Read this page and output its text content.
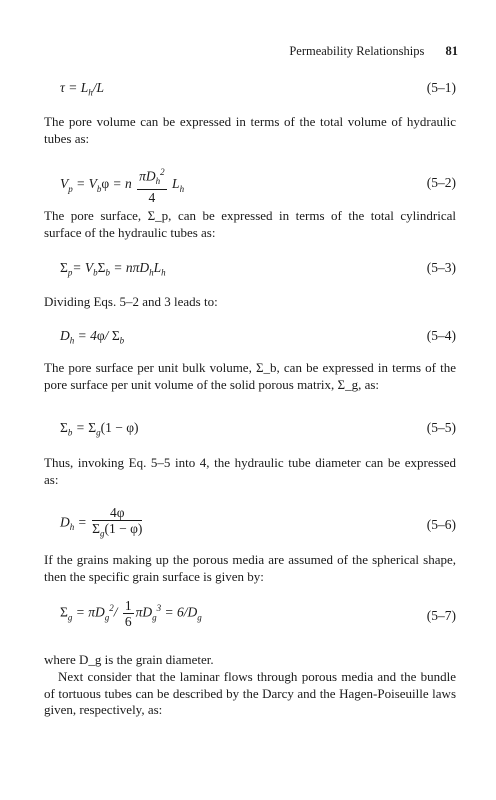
Permeability Relationships 81
$\tau = L_h/L$	(5–1)
The pore volume can be expressed in terms of the total volume of hydraulic tubes as:
$V_p = V_b\varphi = n \frac{\pi D_h^2}{4} L_h$	(5–2)
The pore surface, Σ_p, can be expressed in terms of the total cylindrical surface of the hydraulic tubes as:
$\Sigma_p= V_b\Sigma_b = n\pi D_hL_h$	(5–3)
Dividing Eqs. 5–2 and 3 leads to:
$D_h = 4\varphi/$ $\Sigma_b$	(5–4)
The pore surface per unit bulk volume, Σ_b, can be expressed in terms of the pore surface per unit volume of the solid porous matrix, Σ_g, as:
$\Sigma_b = \Sigma_g(1 - \varphi)$	(5–5)
Thus, invoking Eq. 5–5 into 4, the hydraulic tube diameter can be expressed as:
$D_h = \frac{4\varphi}{\Sigma_g(1 - \varphi)}$	(5–6)
If the grains making up the porous media are assumed of the spherical shape, then the specific grain surface is given by:
$\Sigma_g = \pi D_g^2/ \frac{1}{6} \pi D_g^3 = 6/D_g$	(5–7)
where D_g is the grain diameter.
Next consider that the laminar flows through porous media and the bundle of tortuous tubes can be described by the Darcy and the Hagen-Poiseuille laws given, respectively, as:
